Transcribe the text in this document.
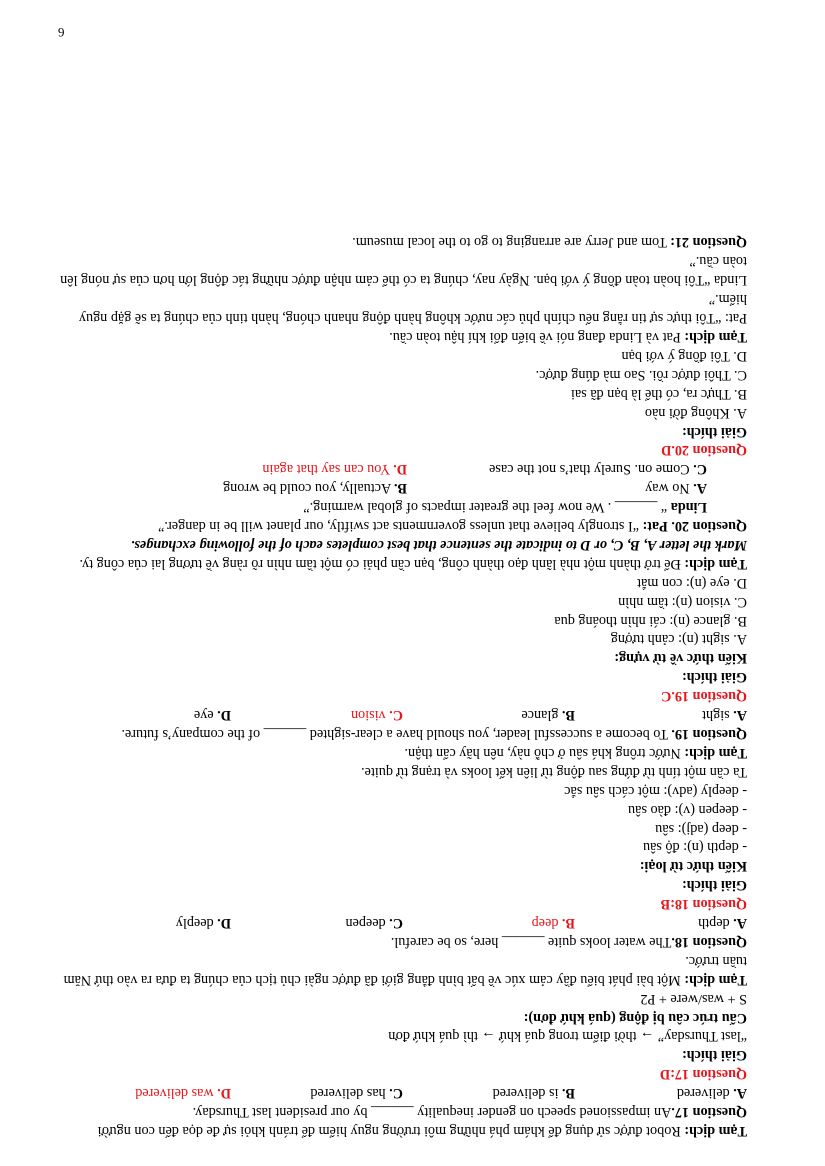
Tạm dịch: Robot được sử dụng để khám phá những môi trường nguy hiểm để tránh khỏi sự đe dọa đến con người
Question 17.An impassioned speech on gender inequality ______ by our president last Thursday.
A. delivered
B. is delivered
C. has delivered
D. was delivered
Question 17:D
Giải thích:
“last Thursday” → thời điểm trong quá khứ → thì quá khứ đơn
Cấu trúc câu bị động (quá khứ đơn):
S + was/were + P2
Tạm dịch: Một bài phát biểu đầy cảm xúc về bất bình đẳng giới đã được ngài chủ tịch của chúng ta đưa ra vào thứ Năm tuần trước.
Question 18.The water looks quite ______ here, so be careful.
A. depth
B. deep
C. deepen
D. deeply
Question 18:B
Giải thích:
Kiến thức từ loại:
- depth (n): độ sâu
- deep (adj): sâu
- deepen (v): đào sâu
- deeply (adv): một cách sâu sắc
Ta cần một tính từ đứng sau động từ liên kết looks và trạng từ quite.
Tạm dịch: Nước trông khá sâu ở chỗ này, nên hãy cẩn thận.
Question 19. To become a successful leader, you should have a clear-sighted ______ of the company’s future.
A. sight
B. glance
C. vision
D. eye
Question 19.C
Giải thích:
Kiến thức về từ vựng:
A. sight (n): cảnh tượng
B. glance (n): cái nhìn thoáng qua
C. vision (n): tầm nhìn
D. eye (n): con mắt
Tạm dịch: Để trở thành một nhà lãnh đạo thành công, bạn cần phải có một tầm nhìn rõ ràng về tương lai của công ty.
Mark the letter A, B, C, or D to indicate the sentence that best completes each of the following exchanges.
Question 20. Pat: “I strongly believe that unless governments act swiftly, our planet will be in danger.”
Linda “ ______ . We now feel the greater impacts of global warming.”
A. No way
B. Actually, you could be wrong
C. Come on. Surely that’s not the case
D. You can say that again
Question 20.D
Giải thích:
A. Không đời nào
B. Thực ra, có thể là bạn đã sai
C. Thôi được rồi. Sao mà đúng được.
D. Tôi đồng ý với bạn
Tạm dịch: Pat và Linda đang nói về biến đổi khí hậu toàn cầu.
Pat: “Tôi thực sự tin rằng nếu chính phủ các nước không hành động nhanh chóng, hành tinh của chúng ta sẽ gặp nguy hiểm.”
Linda “Tôi hoàn toàn đồng ý với bạn. Ngày nay, chúng ta có thể cảm nhận được những tác động lớn hơn của sự nóng lên toàn cầu.”
Question 21: Tom and Jerry are arranging to go to the local museum.
6
